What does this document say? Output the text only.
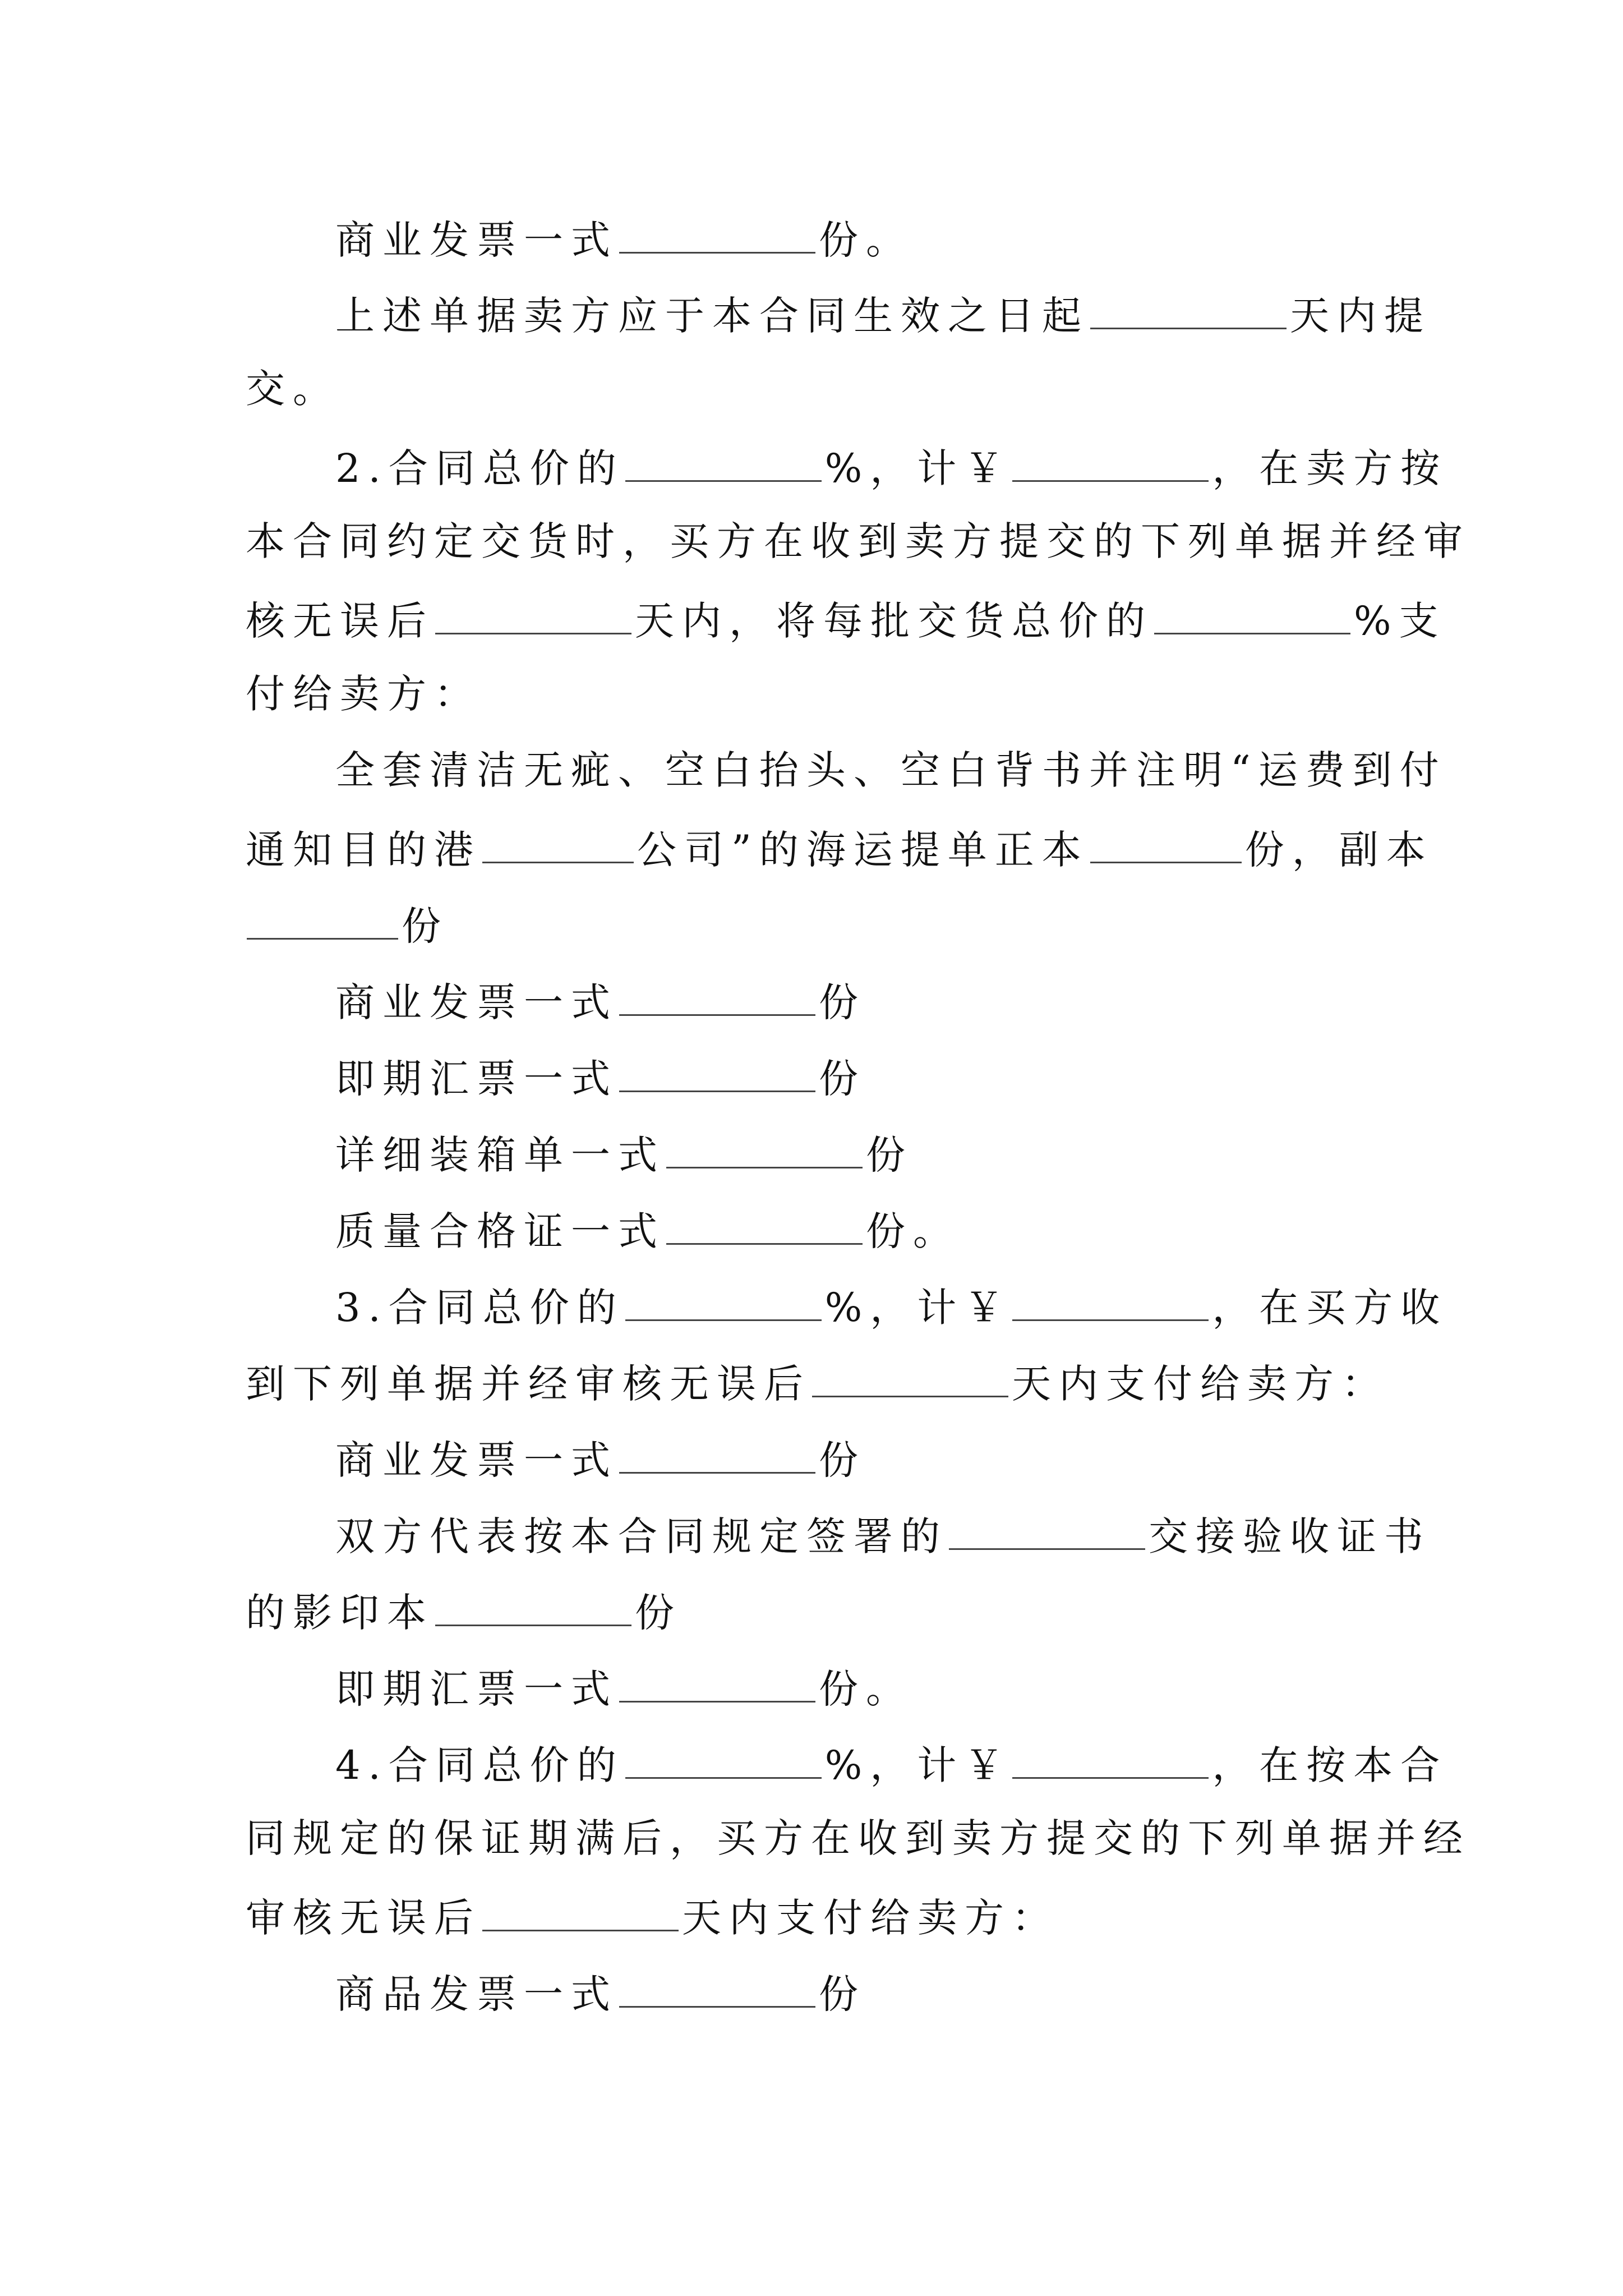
商业发票一式	份。
上述单据卖方应于本合同生效之日起	天内提
交。
2.合同总价的	%，计￥	，在卖方按
本合同约定交货时，买方在收到卖方提交的下列单据并经审
核无误后	天内，将每批交货总价的	%支
付给卖方：
全套清洁无疵、空白抬头、空白背书并注明“运费到付
通知目的港	公司”的海运提单正本	份，副本
份
商业发票一式	份
即期汇票一式	份
详细装箱单一式	份
质量合格证一式	份。
3.合同总价的	%，计￥	，在买方收
到下列单据并经审核无误后	天内支付给卖方：
商业发票一式	份
双方代表按本合同规定签署的	交接验收证书
的影印本	份
即期汇票一式	份。
4.合同总价的	%，计￥	，在按本合
同规定的保证期满后，买方在收到卖方提交的下列单据并经
审核无误后	天内支付给卖方：
商品发票一式	份
